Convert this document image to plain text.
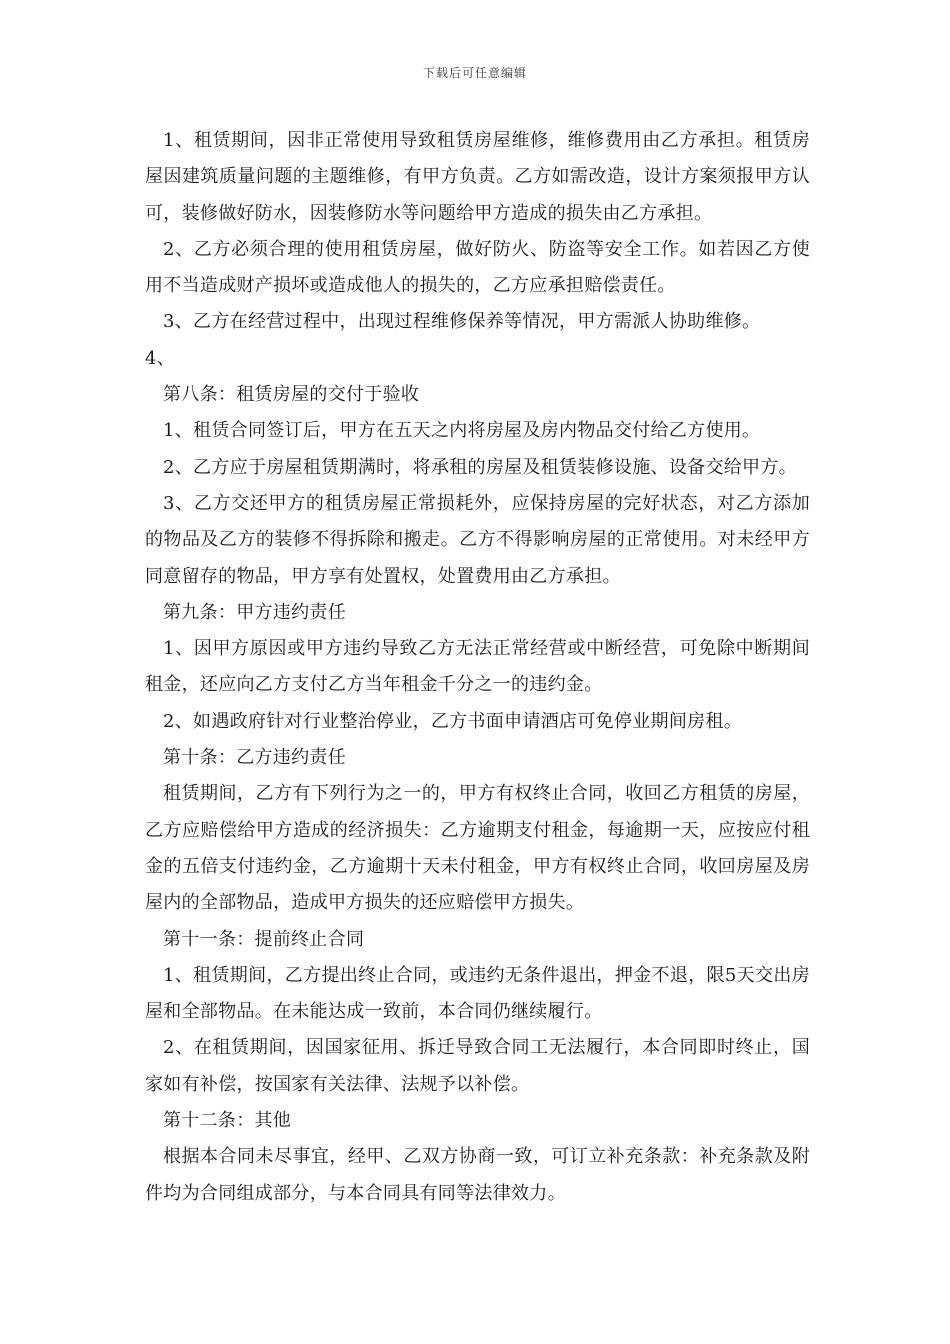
下载后可任意编辑

1、租赁期间，因非正常使用导致租赁房屋维修，维修费用由乙方承担。租赁房屋因建筑质量问题的主题维修，有甲方负责。乙方如需改造，设计方案须报甲方认可，装修做好防水，因装修防水等问题给甲方造成的损失由乙方承担。

2、乙方必须合理的使用租赁房屋，做好防火、防盗等安全工作。如若因乙方使用不当造成财产损坏或造成他人的损失的，乙方应承担赔偿责任。

3、乙方在经营过程中，出现过程维修保养等情况，甲方需派人协助维修。

4、

第八条：租赁房屋的交付于验收

1、租赁合同签订后，甲方在五天之内将房屋及房内物品交付给乙方使用。

2、乙方应于房屋租赁期满时，将承租的房屋及租赁装修设施、设备交给甲方。

3、乙方交还甲方的租赁房屋正常损耗外，应保持房屋的完好状态，对乙方添加的物品及乙方的装修不得拆除和搬走。乙方不得影响房屋的正常使用。对未经甲方同意留存的物品，甲方享有处置权，处置费用由乙方承担。

第九条：甲方违约责任

1、因甲方原因或甲方违约导致乙方无法正常经营或中断经营，可免除中断期间租金，还应向乙方支付乙方当年租金千分之一的违约金。

2、如遇政府针对行业整治停业，乙方书面申请酒店可免停业期间房租。

第十条：乙方违约责任

租赁期间，乙方有下列行为之一的，甲方有权终止合同，收回乙方租赁的房屋，乙方应赔偿给甲方造成的经济损失：乙方逾期支付租金，每逾期一天，应按应付租金的五倍支付违约金，乙方逾期十天未付租金，甲方有权终止合同，收回房屋及房屋内的全部物品，造成甲方损失的还应赔偿甲方损失。

第十一条：提前终止合同

1、租赁期间，乙方提出终止合同，或违约无条件退出，押金不退，限5天交出房屋和全部物品。在未能达成一致前，本合同仍继续履行。

2、在租赁期间，因国家征用、拆迁导致合同工无法履行，本合同即时终止，国家如有补偿，按国家有关法律、法规予以补偿。

第十二条：其他

根据本合同未尽事宜，经甲、乙双方协商一致，可订立补充条款：补充条款及附件均为合同组成部分，与本合同具有同等法律效力。
